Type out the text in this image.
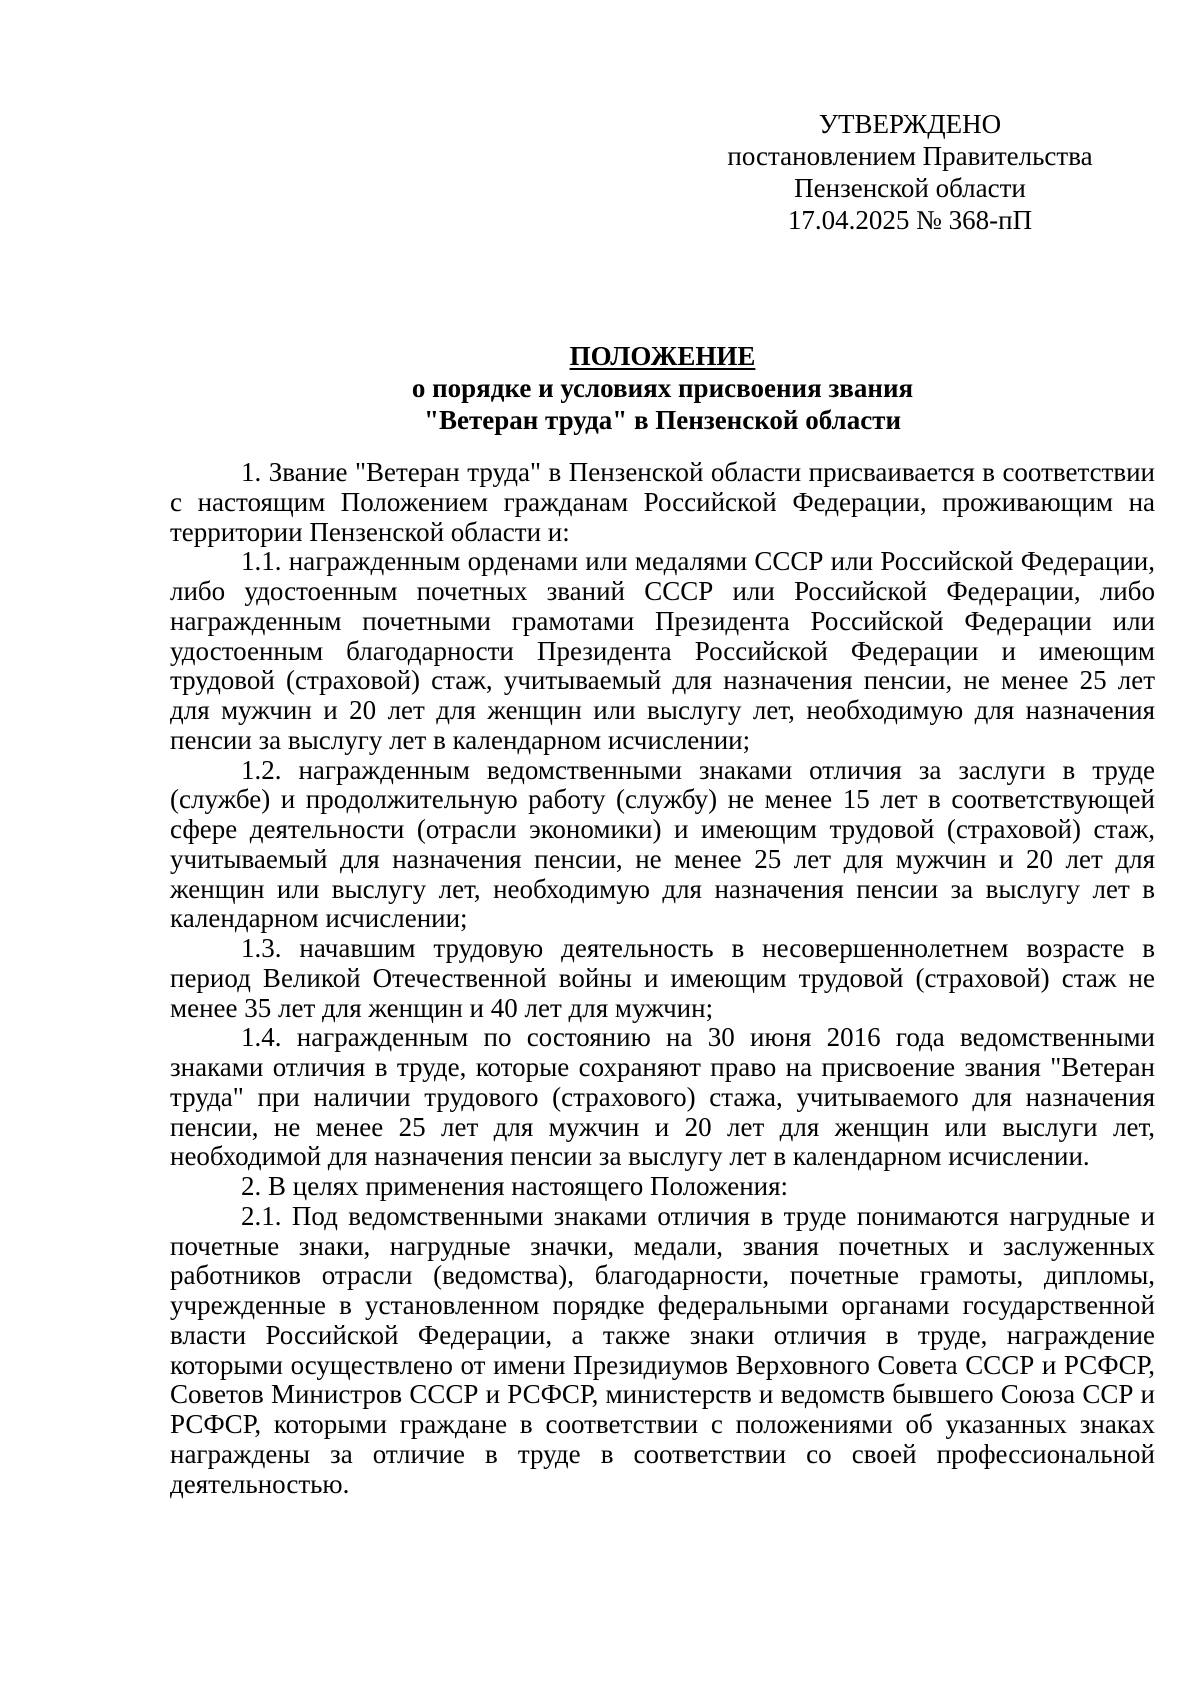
УТВЕРЖДЕНО
постановлением Правительства
Пензенской области
17.04.2025 № 368-пП
ПОЛОЖЕНИЕ
о порядке и условиях присвоения звания
"Ветеран труда" в Пензенской области

1. Звание "Ветеран труда" в Пензенской области присваивается в соответствии с настоящим Положением гражданам Российской Федерации, проживающим на территории Пензенской области и:

1.1. награжденным орденами или медалями СССР или Российской Федерации, либо удостоенным почетных званий СССР или Российской Федерации, либо награжденным почетными грамотами Президента Российской Федерации или удостоенным благодарности Президента Российской Федерации и имеющим трудовой (страховой) стаж, учитываемый для назначения пенсии, не менее 25 лет для мужчин и 20 лет для женщин или выслугу лет, необходимую для назначения пенсии за выслугу лет в календарном исчислении;

1.2. награжденным ведомственными знаками отличия за заслуги в труде (службе) и продолжительную работу (службу) не менее 15 лет в соответствующей сфере деятельности (отрасли экономики) и имеющим трудовой (страховой) стаж, учитываемый для назначения пенсии, не менее 25 лет для мужчин и 20 лет для женщин или выслугу лет, необходимую для назначения пенсии за выслугу лет в календарном исчислении;

1.3. начавшим трудовую деятельность в несовершеннолетнем возрасте в период Великой Отечественной войны и имеющим трудовой (страховой) стаж не менее 35 лет для женщин и 40 лет для мужчин;

1.4. награжденным по состоянию на 30 июня 2016 года ведомственными знаками отличия в труде, которые сохраняют право на присвоение звания "Ветеран труда" при наличии трудового (страхового) стажа, учитываемого для назначения пенсии, не менее 25 лет для мужчин и 20 лет для женщин или выслуги лет, необходимой для назначения пенсии за выслугу лет в календарном исчислении.

2. В целях применения настоящего Положения:

2.1. Под ведомственными знаками отличия в труде понимаются нагрудные и почетные знаки, нагрудные значки, медали, звания почетных и заслуженных работников отрасли (ведомства), благодарности, почетные грамоты, дипломы, учрежденные в установленном порядке федеральными органами государственной власти Российской Федерации, а также знаки отличия в труде, награждение которыми осуществлено от имени Президиумов Верховного Совета СССР и РСФСР, Советов Министров СССР и РСФСР, министерств и ведомств бывшего Союза ССР и РСФСР, которыми граждане в соответствии с положениями об указанных знаках награждены за отличие в труде в соответствии со своей профессиональной деятельностью.
